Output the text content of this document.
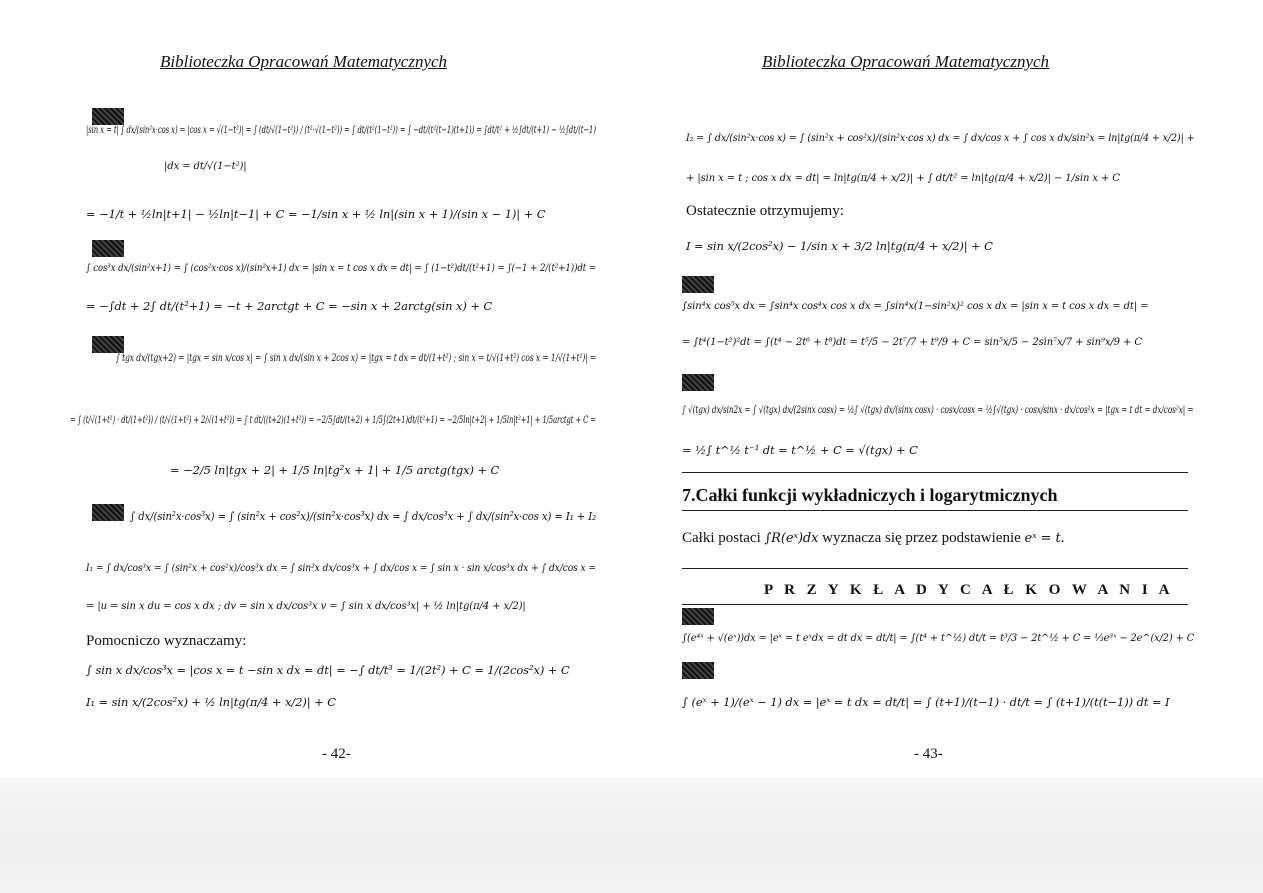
Biblioteczka Opracowań Matematycznych

|sin x = t| ∫ dx/(sin²x·cos x) = |cos x = √(1−t²)| = ∫ (dt/√(1−t²)) / (t²·√(1−t²)) = ∫ dt/(t²(1−t²)) = ∫ −dt/(t²(t−1)(t+1)) = ∫dt/t² + ½∫dt/(t+1) − ½∫dt/(t−1)

|dx = dt/√(1−t²)|

= −1/t + ½ln|t+1| − ½ln|t−1| + C = −1/sin x + ½ ln|(sin x + 1)/(sin x − 1)| + C

∫ cos³x dx/(sin²x+1) = ∫ (cos²x·cos x)/(sin²x+1) dx = |sin x = t cos x dx = dt| = ∫ (1−t²)dt/(t²+1) = ∫(−1 + 2/(t²+1))dt =

= −∫dt + 2∫ dt/(t²+1) = −t + 2arctgt + C = −sin x + 2arctg(sin x) + C

∫ tgx dx/(tgx+2) = |tgx = sin x/cos x| = ∫ sin x dx/(sin x + 2cos x) = |tgx = t dx = dt/(1+t²) ; sin x = t/√(1+t²) cos x = 1/√(1+t²)| =

= ∫ (t/√(1+t²) · dt/(1+t²)) / (t/√(1+t²) + 2/√(1+t²)) = ∫ t dt/((t+2)(1+t²)) = −2/5∫dt/(t+2) + 1/5∫(2t+1)dt/(t²+1) = −2/5ln|t+2| + 1/5ln|t²+1| + 1/5arctgt + C =

= −2/5 ln|tgx + 2| + 1/5 ln|tg²x + 1| + 1/5 arctg(tgx) + C

∫ dx/(sin²x·cos³x) = ∫ (sin²x + cos²x)/(sin²x·cos³x) dx = ∫ dx/cos³x + ∫ dx/(sin²x·cos x) = I₁ + I₂

I₁ = ∫ dx/cos³x = ∫ (sin²x + cos²x)/cos³x dx = ∫ sin²x dx/cos³x + ∫ dx/cos x = ∫ sin x · sin x/cos³x dx + ∫ dx/cos x =

= |u = sin x du = cos x dx ; dv = sin x dx/cos³x v = ∫ sin x dx/cos³x| + ½ ln|tg(π/4 + x/2)|

Pomocniczo wyznaczamy:

∫ sin x dx/cos³x = |cos x = t −sin x dx = dt| = −∫ dt/t³ = 1/(2t²) + C = 1/(2cos²x) + C

I₁ = sin x/(2cos²x) + ½ ln|tg(π/4 + x/2)| + C

- 42-
Biblioteczka Opracowań Matematycznych

I₂ = ∫ dx/(sin²x·cos x) = ∫ (sin²x + cos²x)/(sin²x·cos x) dx = ∫ dx/cos x + ∫ cos x dx/sin²x = ln|tg(π/4 + x/2)| +

+ |sin x = t ; cos x dx = dt| = ln|tg(π/4 + x/2)| + ∫ dt/t² = ln|tg(π/4 + x/2)| − 1/sin x + C

Ostatecznie otrzymujemy:

I = sin x/(2cos²x) − 1/sin x + 3/2 ln|tg(π/4 + x/2)| + C

∫sin⁴x cos⁵x dx = ∫sin⁴x cos⁴x cos x dx = ∫sin⁴x(1−sin²x)² cos x dx = |sin x = t cos x dx = dt| =

= ∫t⁴(1−t²)²dt = ∫(t⁴ − 2t⁶ + t⁸)dt = t⁵/5 − 2t⁷/7 + t⁹/9 + C = sin⁵x/5 − 2sin⁷x/7 + sin⁹x/9 + C

∫ √(tgx) dx/sin2x = ∫ √(tgx) dx/(2sinx cosx) = ½∫ √(tgx) dx/(sinx cosx) · cosx/cosx = ½∫√(tgx) · cosx/sinx · dx/cos²x = |tgx = t dt = dx/cos²x| =

= ½∫ t^½ t⁻¹ dt = t^½ + C = √(tgx) + C

7.Całki funkcji wykładniczych i logarytmicznych
Całki postaci ∫R(eˣ)dx wyznacza się przez podstawienie eˣ = t.
P R Z Y K Ł A D Y C A Ł K O W A N I A

∫(e⁴ˣ + √(eˣ))dx = |eˣ = t eˣdx = dt dx = dt/t| = ∫(t⁴ + t^½) dt/t = t³/3 − 2t^½ + C = ⅓e³ˣ − 2e^(x/2) + C

∫ (eˣ + 1)/(eˣ − 1) dx = |eˣ = t dx = dt/t| = ∫ (t+1)/(t−1) · dt/t = ∫ (t+1)/(t(t−1)) dt = I

- 43-
